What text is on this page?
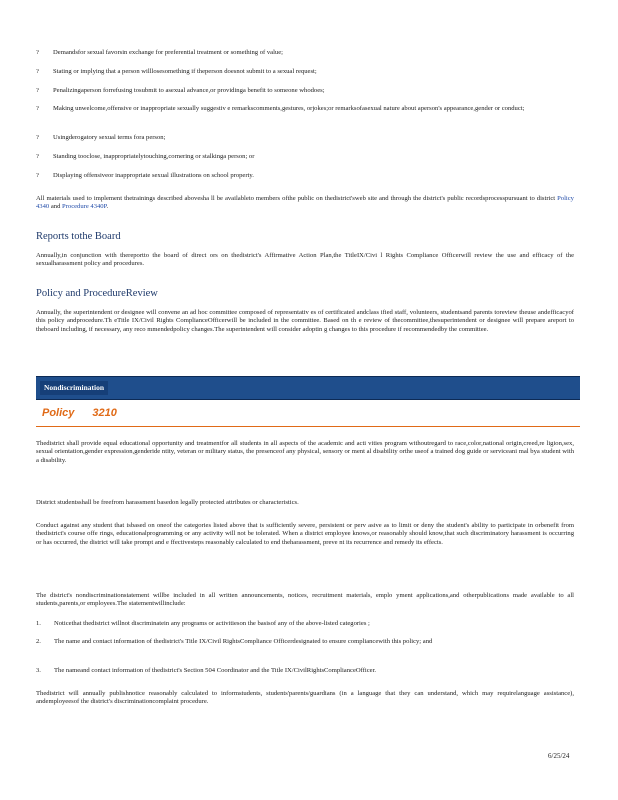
?	Demandsfor sexual favorsin exchange for preferential treatment or something of value;
?	Stating or implying that a person willlosesomething if theperson doesnot submit to a sexual request;
?	Penalizingaperson forrefusing tosubmit to asexual advance,or providinga benefit to someone whodoes;
?	Making unwelcome,offensive or inappropriate sexually suggestiv e remarkscomments,gestures, orjokes;or remarksofasexual nature about aperson's appearance,gender or conduct;
?	Usingderogatory sexual terms fora person;
?	Standing tooclose, inappropriatelytouching,cornering or stalkinga person; or
?	Displaying offensiveor inappropriate sexual illustrations on school property.
All materials used to implement thetrainings described abovesha ll be availableto members ofthe public on thedistrict'sweb site and through the district's public recordsprocesspursuant to district Policy 4340 and Procedure 4340P.
Reports tothe Board
Annually,in conjunction with thereportto the board of direct ors on thedistrict's Affirmative Action Plan,the TitleIX/Civi l Rights Compliance Officerwill review the use and efficacy of the sexualharassment policy and procedures.
Policy and ProcedureReview
Annually, the superintendent or designee will convene an ad hoc committee composed of representativ es of certificated andclass ified staff, volunteers, studentsand parents toreview theuse andefficacyof this policy andprocedure.Th eTitle IX/Civil Rights ComplianceOfficerwill be included in the committee. Based on th e review of thecommittee,thesuperintendent or designee will prepare areport to theboard including, if necessary, any reco mmendedpolicy changes.The superintendent will consider adoptin g changes to this procedure if recommendedby the committee.
Nondiscrimination
Policy 3210
Thedistrict shall provide equal educational opportunity and treatmentfor all students in all aspects of the academic and acti vities program withoutregard to race,color,national origin,creed,re ligion,sex, sexual orientation,gender expression,genderide ntity, veteran or military status, the presenceof any physical, sensory or ment al disability orthe useof a trained dog guide or serviceani mal bya student with a disability.
District studentsshall be freefrom harassment basedon legally protected attributes or characteristics.
Conduct against any student that isbased on oneof the categories listed above that is sufficiently severe, persistent or perv asive as to limit or deny the student's ability to participate in orbenefit from thedistrict's course offe rings, educationalprogramming or any activity will not be tolerated. When a district employee knows,or reasonably should know,that such discriminatory harassment is occurring or has occurred, the district will take prompt and e ffectivesteps reasonably calculated to end theharassment, preve nt its recurrence and remedy its effects.
The district's nondiscriminationstatement willbe included in all written announcements, notices, recruitment materials, emplo yment applications,and otherpublications made available to all students,parents,or employees.The statementwillinclude:
1.	Noticethat thedistrict willnot discriminatein any programs or activitieson the basisof any of the above-listed categories ;
2.	The name and contact information of thedistrict's Title IX/Civil RightsCompliance Officerdesignated to ensure compliancewith this policy; and
3.	The nameand contact information of thedistrict's Section 504 Coordinator and the Title IX/CivilRightsComplianceOfficer.
Thedistrict will annually publishnotice reasonably calculated to informstudents, students'parents/guardians (in a language that they can understand, which may requirelanguage assistance), andemployeesof the district's discriminationcomplaint procedure.
6/25/24
